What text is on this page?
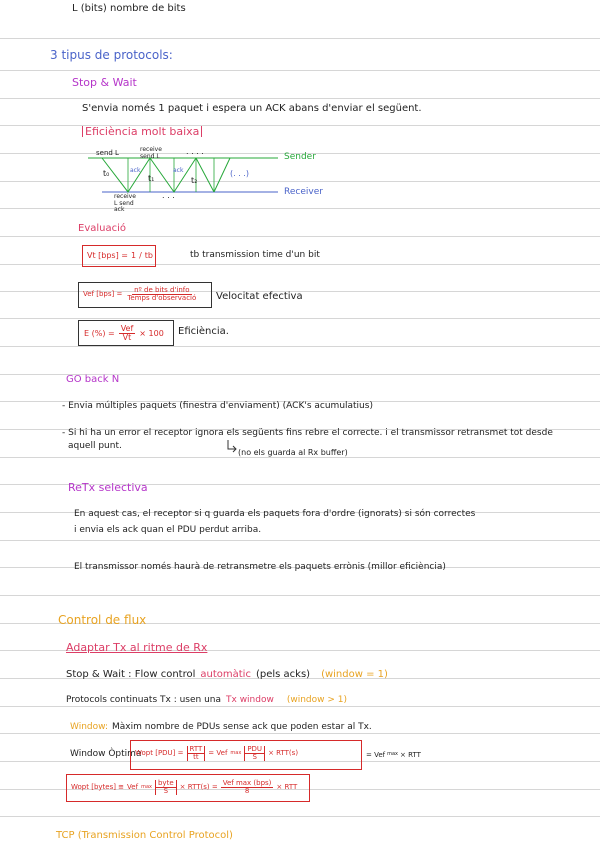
L (bits) nombre de bits
3 tipus de protocols:
Stop & Wait
S'envia només 1 paquet i espera un ACK abans d'enviar el següent.
Eficiència molt baixa
send L	receive send L
. . . .
t₀	ack
t₁
ack
t₂
(. . .)
Sender
Receiver
receive L send ack
. . .
Evaluació
Vt [bps] = 1 / tb	tb transmission time d'un bit
Vef $[bps] = \frac{\text{nº de bits d'info}}{\text{Temps d'observació}}$ Velocitat efectiva
E (%) = $\frac{\text{Vef}}{Vt} \times 100$ Eficiència.
GO back N
- Envia múltiples paquets (finestra d'enviament) (ACK's acumulatius)
- Si hi ha un error el receptor ignora els següents fins rebre el correcte. i el transmissor retransmet tot desde
aquell punt.
(no els guarda al Rx buffer)
ReTx selectiva
En aquest cas, el receptor si q guarda els paquets fora d'ordre (ignorats) si són correctes
i envia els ack quan el PDU perdut arriba.
El transmissor només haurà de retransmetre els paquets errònis (millor eficiència)
Control de flux
Adaptar Tx al ritme de Rx
Stop & Wait : Flow control automàtic (pels acks) (window = 1)
Protocols continuats Tx : usen una Tx window (window > 1)
Window: Màxim nombre de PDUs sense ack que poden estar al Tx.
Window Òptima
Wopt $[PDU] = \frac{\text{RTT}}{tt}$ = Vef $\max \frac{\text{PDU}}{S} \times RTT(s)$	= Vef max × RTT
Wopt [bytes] ≅ Vef $\max \frac{\text{byte}}{S} \times RTT(s) = \frac{\text{Vef max (bps)}}{8}$ × RTT
TCP (Transmission Control Protocol)
